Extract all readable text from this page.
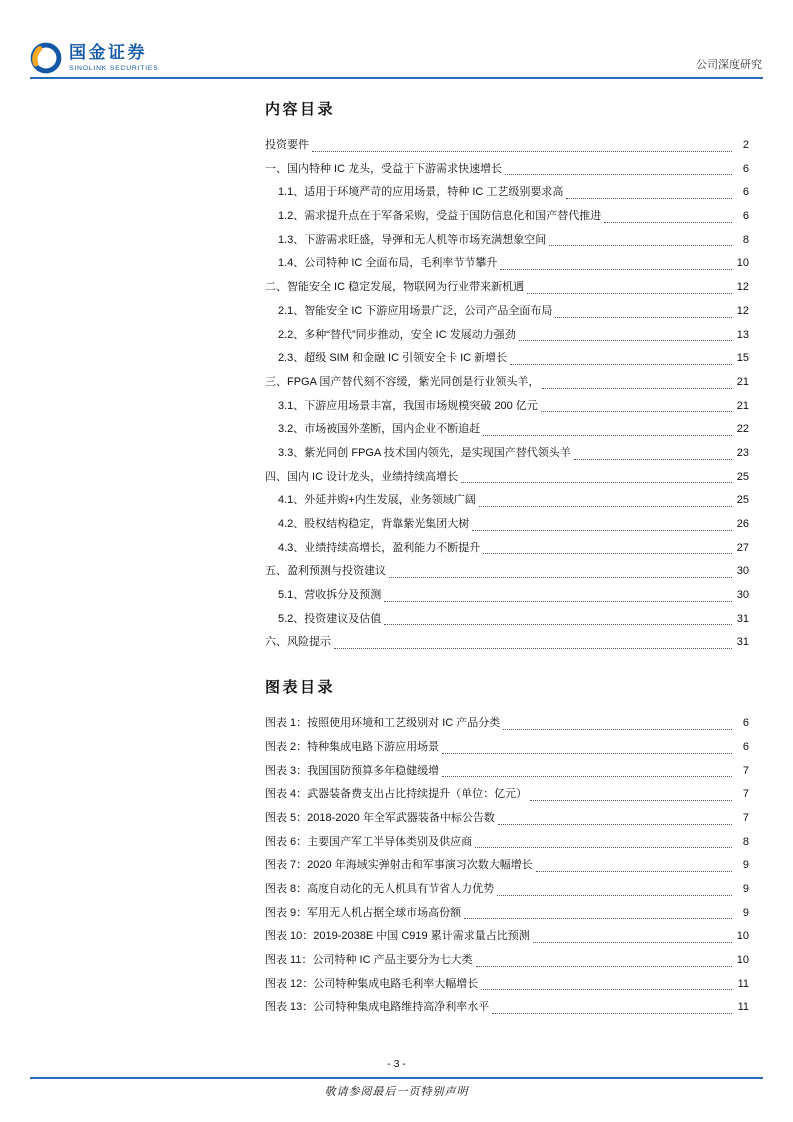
国金证券
SINOLINK SECURITIES	公司深度研究
内容目录
投资要件	2
一、国内特种 IC 龙头，受益于下游需求快速增长	6
1.1、适用于环境严苛的应用场景，特种 IC 工艺级别要求高	6
1.2、需求提升点在于军备采购，受益于国防信息化和国产替代推进	6
1.3、下游需求旺盛，导弹和无人机等市场充满想象空间	8
1.4、公司特种 IC 全面布局，毛利率节节攀升	10
二、智能安全 IC 稳定发展，物联网为行业带来新机遇	12
2.1、智能安全 IC 下游应用场景广泛，公司产品全面布局	12
2.2、多种“替代”同步推动，安全 IC 发展动力强劲	13
2.3、超级 SIM 和金融 IC 引领安全卡 IC 新增长	15
三、FPGA 国产替代刻不容缓，紫光同创是行业领头羊，	21
3.1、下游应用场景丰富，我国市场规模突破 200 亿元	21
3.2、市场被国外垄断，国内企业不断追赶	22
3.3、紫光同创 FPGA 技术国内领先，是实现国产替代领头羊	23
四、国内 IC 设计龙头，业绩持续高增长	25
4.1、外延并购+内生发展，业务领域广阔	25
4.2、股权结构稳定，背靠紫光集团大树	26
4.3、业绩持续高增长，盈利能力不断提升	27
五、盈利预测与投资建议	30
5.1、营收拆分及预测	30
5.2、投资建议及估值	31
六、风险提示	31
图表目录
图表 1：按照使用环境和工艺级别对 IC 产品分类	6
图表 2：特种集成电路下游应用场景	6
图表 3：我国国防预算多年稳健缓增	7
图表 4：武器装备费支出占比持续提升（单位：亿元）	7
图表 5：2018-2020 年全军武器装备中标公告数	7
图表 6：主要国产军工半导体类别及供应商	8
图表 7：2020 年海域实弹射击和军事演习次数大幅增长	9
图表 8：高度自动化的无人机具有节省人力优势	9
图表 9：军用无人机占据全球市场高份额	9
图表 10：2019-2038E 中国 C919 累计需求量占比预测	10
图表 11：公司特种 IC 产品主要分为七大类	10
图表 12：公司特种集成电路毛利率大幅增长	11
图表 13：公司特种集成电路维持高净利率水平	11
- 3 -
敬请参阅最后一页特别声明
